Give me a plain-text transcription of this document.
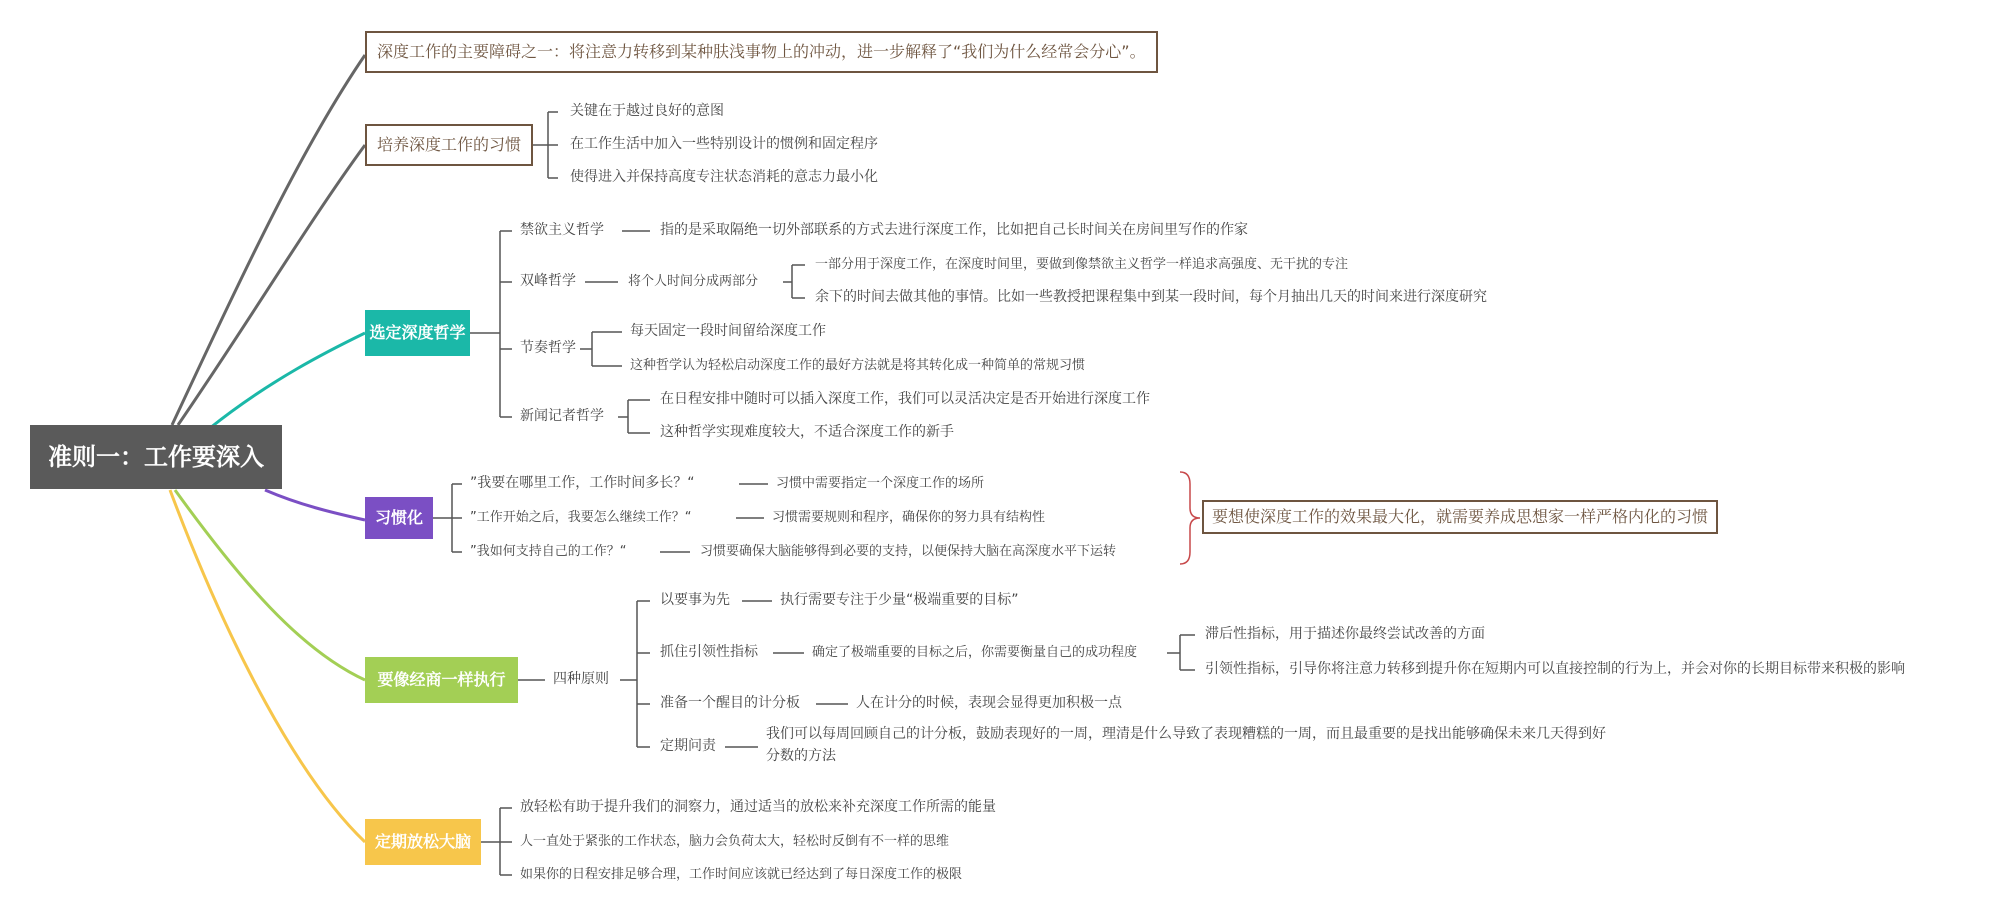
准则一：工作要深入
深度工作的主要障碍之一：将注意力转移到某种肤浅事物上的冲动，进一步解释了“我们为什么经常会分心”。
培养深度工作的习惯
关键在于越过良好的意图
在工作生活中加入一些特别设计的惯例和固定程序
使得进入并保持高度专注状态消耗的意志力最小化
选定深度哲学
禁欲主义哲学	指的是采取隔绝一切外部联系的方式去进行深度工作，比如把自己长时间关在房间里写作的作家
双峰哲学	将个人时间分成两部分
一部分用于深度工作，在深度时间里，要做到像禁欲主义哲学一样追求高强度、无干扰的专注
余下的时间去做其他的事情。比如一些教授把课程集中到某一段时间，每个月抽出几天的时间来进行深度研究
节奏哲学
每天固定一段时间留给深度工作
这种哲学认为轻松启动深度工作的最好方法就是将其转化成一种简单的常规习惯
新闻记者哲学
在日程安排中随时可以插入深度工作，我们可以灵活决定是否开始进行深度工作
这种哲学实现难度较大，不适合深度工作的新手
习惯化
”我要在哪里工作，工作时间多长？“	习惯中需要指定一个深度工作的场所
”工作开始之后，我要怎么继续工作？“	习惯需要规则和程序，确保你的努力具有结构性
”我如何支持自己的工作？“	习惯要确保大脑能够得到必要的支持，以便保持大脑在高深度水平下运转
要想使深度工作的效果最大化，就需要养成思想家一样严格内化的习惯
要像经商一样执行	四种原则
以要事为先	执行需要专注于少量“极端重要的目标”
抓住引领性指标	确定了极端重要的目标之后，你需要衡量自己的成功程度
滞后性指标，用于描述你最终尝试改善的方面
引领性指标，引导你将注意力转移到提升你在短期内可以直接控制的行为上，并会对你的长期目标带来积极的影响
准备一个醒目的计分板	人在计分的时候，表现会显得更加积极一点
定期问责
我们可以每周回顾自己的计分板，鼓励表现好的一周，理清是什么导致了表现糟糕的一周，而且最重要的是找出能够确保未来几天得到好
分数的方法
定期放松大脑
放轻松有助于提升我们的洞察力，通过适当的放松来补充深度工作所需的能量
人一直处于紧张的工作状态，脑力会负荷太大，轻松时反倒有不一样的思维
如果你的日程安排足够合理，工作时间应该就已经达到了每日深度工作的极限
